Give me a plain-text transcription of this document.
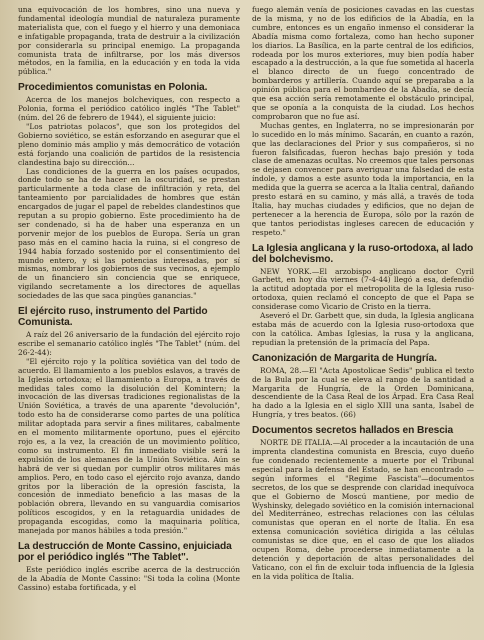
una equivocación de los hombres, sino una nueva y fundamental ideología mundial de naturaleza puramente materialista que, con el fuego y el hierro y una demoniaca e infatigable propaganda, trata de destruir a la civilización por considerarla su principal enemigo. La propaganda comunista trata de infiltrarse, por los más diversos métodos, en la familia, en la educación y en toda la vida pública."

Procedimientos comunistas en Polonia.

Acerca de los manejos bolcheviques, con respecto a Polonia, forma el periódico católico inglés "The Tablet" (núm. del 26 de febrero de 1944), el siguiente juicio:

"Los patriotas polacos", que son los protegidos del Gobierno soviético, se están esforzando en asegurar que el pleno dominio más amplio y más democrático de votación está forjando una coalición de partidos de la resistencia clandestina bajo su dirección...

Las condiciones de la guerra en los países ocupados, donde todo se ha de hacer en la oscuridad, se prestan particularmente a toda clase de infiltración y reta, del tanteamiento por parcialidades de hombres que están encargados de jugar el papel de rebeldes clandestinos que reputan a su propio gobierno. Este procedimiento ha de ser condenado, si ha de haber una esperanza en un porvenir mejor de los pueblos de Europa. Sería un gran paso más en el camino hacia la ruina, si el congreso de 1944 había forzado sostenido por el consentimiento del mundo entero, y si las potencias interesadas, por sí mismas, nombrar los gobiernos de sus vecinos, a ejemplo de un financiero sin conciencia que se enriquece, vigilando secretamente a los directores de aquellas sociedades de las que saca pingües ganancias."

El ejército ruso, instrumento del Partido Comunista.

A raíz del 26 aniversario de la fundación del ejército rojo escribe el semanario católico inglés "The Tablet" (núm. del 26-2-44):

"El ejército rojo y la política soviética van del todo de acuerdo. El llamamiento a los pueblos eslavos, a través de la Iglesia ortodoxa; el llamamiento a Europa, a través de medidas tales como la disolución del Komintern; la invocación de las diversas tradiciones regionalistas de la Unión Soviética, a través de una aparente "devolución", todo esto ha de considerarse como partes de una política militar adoptada para servir a fines militares, cabalmente en el momento militarmente oportuno, pues el ejército rojo es, a la vez, la creación de un movimiento político, como su instrumento. El fin inmediato visible será la expulsión de los alemanes de la Unión Soviética. Aún se habrá de ver si quedan por cumplir otros militares más amplios. Pero, en todo caso el ejército rojo avanza, dando gritos por la liberación de la opresión fascista, la concesión de inmediato beneficio a las masas de la población obrera, llevando en su vanguardia comisarios políticos escogidos, y en la retaguardia unidades de propaganda escogidas, como la maquinaria política, manejada por manos hábiles a toda presión."

La destrucción de Monte Cassino, enjuiciada por el periódico inglés "The Tablet".

Este periódico inglés escribe acerca de la destrucción de la Abadía de Monte Cassino: "Si toda la colina (Monte Cassino) estaba fortificada, y el

fuego alemán venía de posiciones cavadas en las cuestas de la misma, y no de los edificios de la Abadía, en la cumbre, entonces es un engaño inmenso el considerar la Abadía misma como fortaleza, como han hecho suponer los diarios. La Basílica, en la parte central de los edificios, rodeada por los muros exteriores, muy bien podía haber escapado a la destrucción, a la que fue sometida al hacerla el blanco directo de un fuego concentrado de bombarderos y artillería. Cuando aquí se preparaba a la opinión pública para el bombardeo de la Abadía, se decía que esa acción sería remotamente el obstáculo principal, que se oponía a la conquista de la ciudad. Los hechos comprobaron que no fue así.

Muchas gentes, en Inglaterra, no se impresionarán por lo sucedido en lo más mínimo. Sacarán, en cuanto a razón, que las declaraciones del Prior y sus compañeros, si no fueron falsificadas, fueron hechas bajo presión y toda clase de amenazas ocultas. No creemos que tales personas se dejasen convencer para averiguar una falsedad de esta índole, y damos a este asunto toda la importancia, en la medida que la guerra se acerca a la Italia central, dañando presto estará en su camino, y más allá, a través de toda Italia, hay muchas ciudades y edificios, que no dejan de pertenecer a la herencia de Europa, sólo por la razón de que tantos periodistas ingleses carecen de educación y respeto."

La Iglesia anglicana y la ruso-ortodoxa, al lado del bolchevismo.

NEW YORK.—El arzobispo anglicano doctor Cyril Garbett, en hoy día viernes (7-4-44) llegó a esa, defendió la actitud adoptada por el metropolita de la Iglesia ruso-ortodoxa, quien reclamó el concepto de que el Papa se considerase como Vicario de Cristo en la tierra.

Aseveró el Dr. Garbett que, sin duda, la Iglesia anglicana estaba más de acuerdo con la Iglesia ruso-ortodoxa que con la católica. Ambas Iglesias, la rusa y la anglicana, repudian la pretensión de la primacía del Papa.

Canonización de Margarita de Hungría.

ROMA, 28.—El "Acta Apostolicae Sedis" publica el texto de la Bula por la cual se eleva al rango de la santidad a Margarita de Hungría, de la Orden Dominicana, descendiente de la Casa Real de los Árpad. Era Casa Real ha dado a la Iglesia en el siglo XIII una santa, Isabel de Hungría, y tres beatos. (66)

Documentos secretos hallados en Brescia

NORTE DE ITALIA.—Al proceder a la incautación de una imprenta clandestina comunista en Brescia, cuyo dueño fue condenado recientemente a muerte por el Tribunal especial para la defensa del Estado, se han encontrado —según informes el "Regime Fascista"—documentos secretos, de los que se desprende con claridad inequívoca que el Gobierno de Moscú mantiene, por medio de Wyshinsky, delegado soviético en la comisión internacional del Mediterráneo, estrechas relaciones con las células comunistas que operan en el norte de Italia. En esa extensa comunicación soviética dirigida a las células comunistas se dice que, en el caso de que los aliados ocupen Roma, debe procederse inmediatamente a la detención y deportación de altas personalidades del Vaticano, con el fin de excluir toda influencia de la Iglesia en la vida política de Italia.
